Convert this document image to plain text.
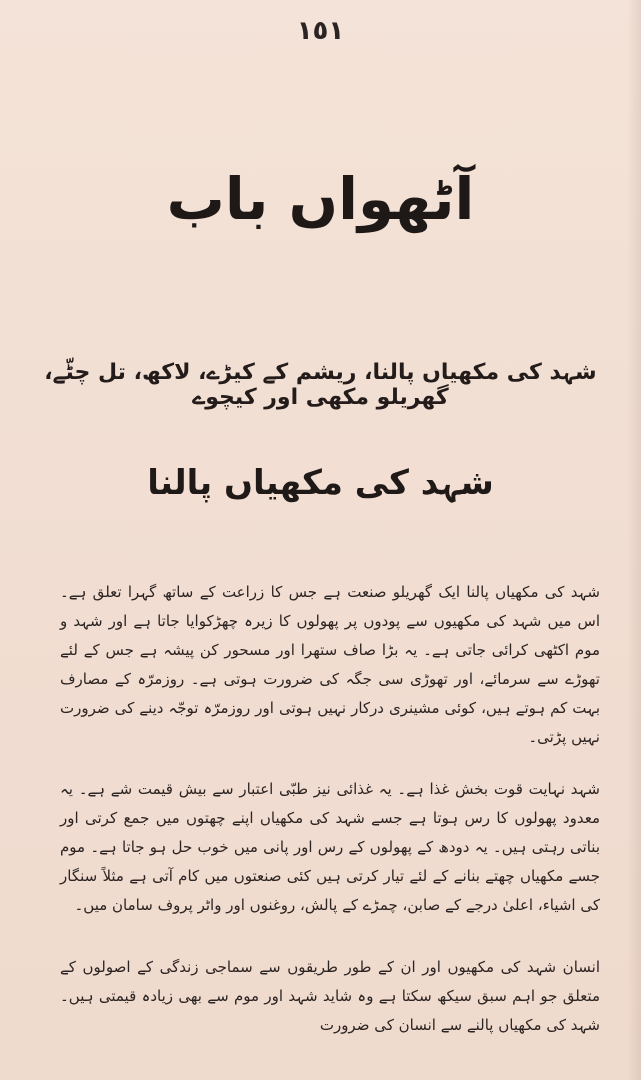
١٥١
آٹھواں باب
شہد کی مکھیاں پالنا، ریشم کے کیڑے، لاکھ، تل چٹّے، گھریلو مکھی اور کیچوے
شہد کی مکھیاں پالنا

شہد کی مکھیاں پالنا ایک گھریلو صنعت ہے جس کا زراعت کے ساتھ گہرا تعلق ہے۔ اس میں شہد کی مکھیوں سے پودوں پر پھولوں کا زیرہ چھڑکوایا جاتا ہے اور شہد و موم اکٹھی کرائی جاتی ہے۔ یہ بڑا صاف ستھرا اور مسحور کن پیشہ ہے جس کے لئے تھوڑے سے سرمائے، اور تھوڑی سی جگہ کی ضرورت ہوتی ہے۔ روزمرّہ کے مصارف بہت کم ہوتے ہیں، کوئی مشینری درکار نہیں ہوتی اور روزمرّہ توجّہ دینے کی ضرورت نہیں پڑتی۔

شہد نہایت قوت بخش غذا ہے۔ یہ غذائی نیز طبّی اعتبار سے بیش قیمت شے ہے۔ یہ معدود پھولوں کا رس ہوتا ہے جسے شہد کی مکھیاں اپنے چھتوں میں جمع کرتی اور بناتی رہتی ہیں۔ یہ دودھ کے پھولوں کے رس اور پانی میں خوب حل ہو جاتا ہے۔ موم جسے مکھیاں چھتے بنانے کے لئے تیار کرتی ہیں کئی صنعتوں میں کام آتی ہے مثلاً سنگار کی اشیاء، اعلیٰ درجے کے صابن، چمڑے کے پالش، روغنوں اور واٹر پروف سامان میں۔

انسان شہد کی مکھیوں اور ان کے طور طریقوں سے سماجی زندگی کے اصولوں کے متعلق جو اہم سبق سیکھ سکتا ہے وہ شاید شہد اور موم سے بھی زیادہ قیمتی ہیں۔ شہد کی مکھیاں پالنے سے انسان کی ضرورت
